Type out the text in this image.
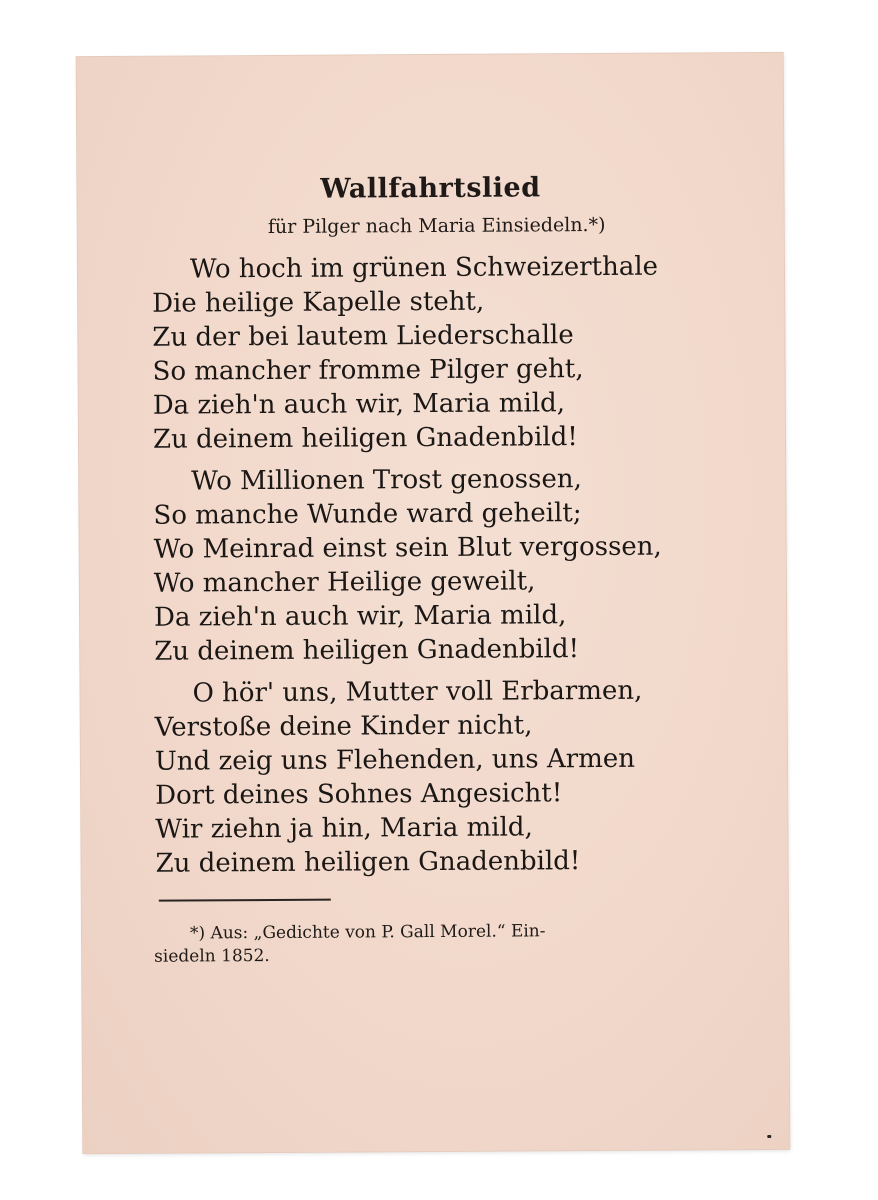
Wallfahrtslied
für Pilger nach Maria Einsiedeln.*)
Wo hoch im grünen Schweizerthale
Die heilige Kapelle steht,
Zu der bei lautem Liederschalle
So mancher fromme Pilger geht,
Da zieh'n auch wir, Maria mild,
Zu deinem heiligen Gnadenbild!
Wo Millionen Trost genossen,
So manche Wunde ward geheilt;
Wo Meinrad einst sein Blut vergossen,
Wo mancher Heilige geweilt,
Da zieh'n auch wir, Maria mild,
Zu deinem heiligen Gnadenbild!
O hör' uns, Mutter voll Erbarmen,
Verstoße deine Kinder nicht,
Und zeig uns Flehenden, uns Armen
Dort deines Sohnes Angesicht!
Wir ziehn ja hin, Maria mild,
Zu deinem heiligen Gnadenbild!
*) Aus: „Gedichte von P. Gall Morel.“ Ein-
siedeln 1852.
